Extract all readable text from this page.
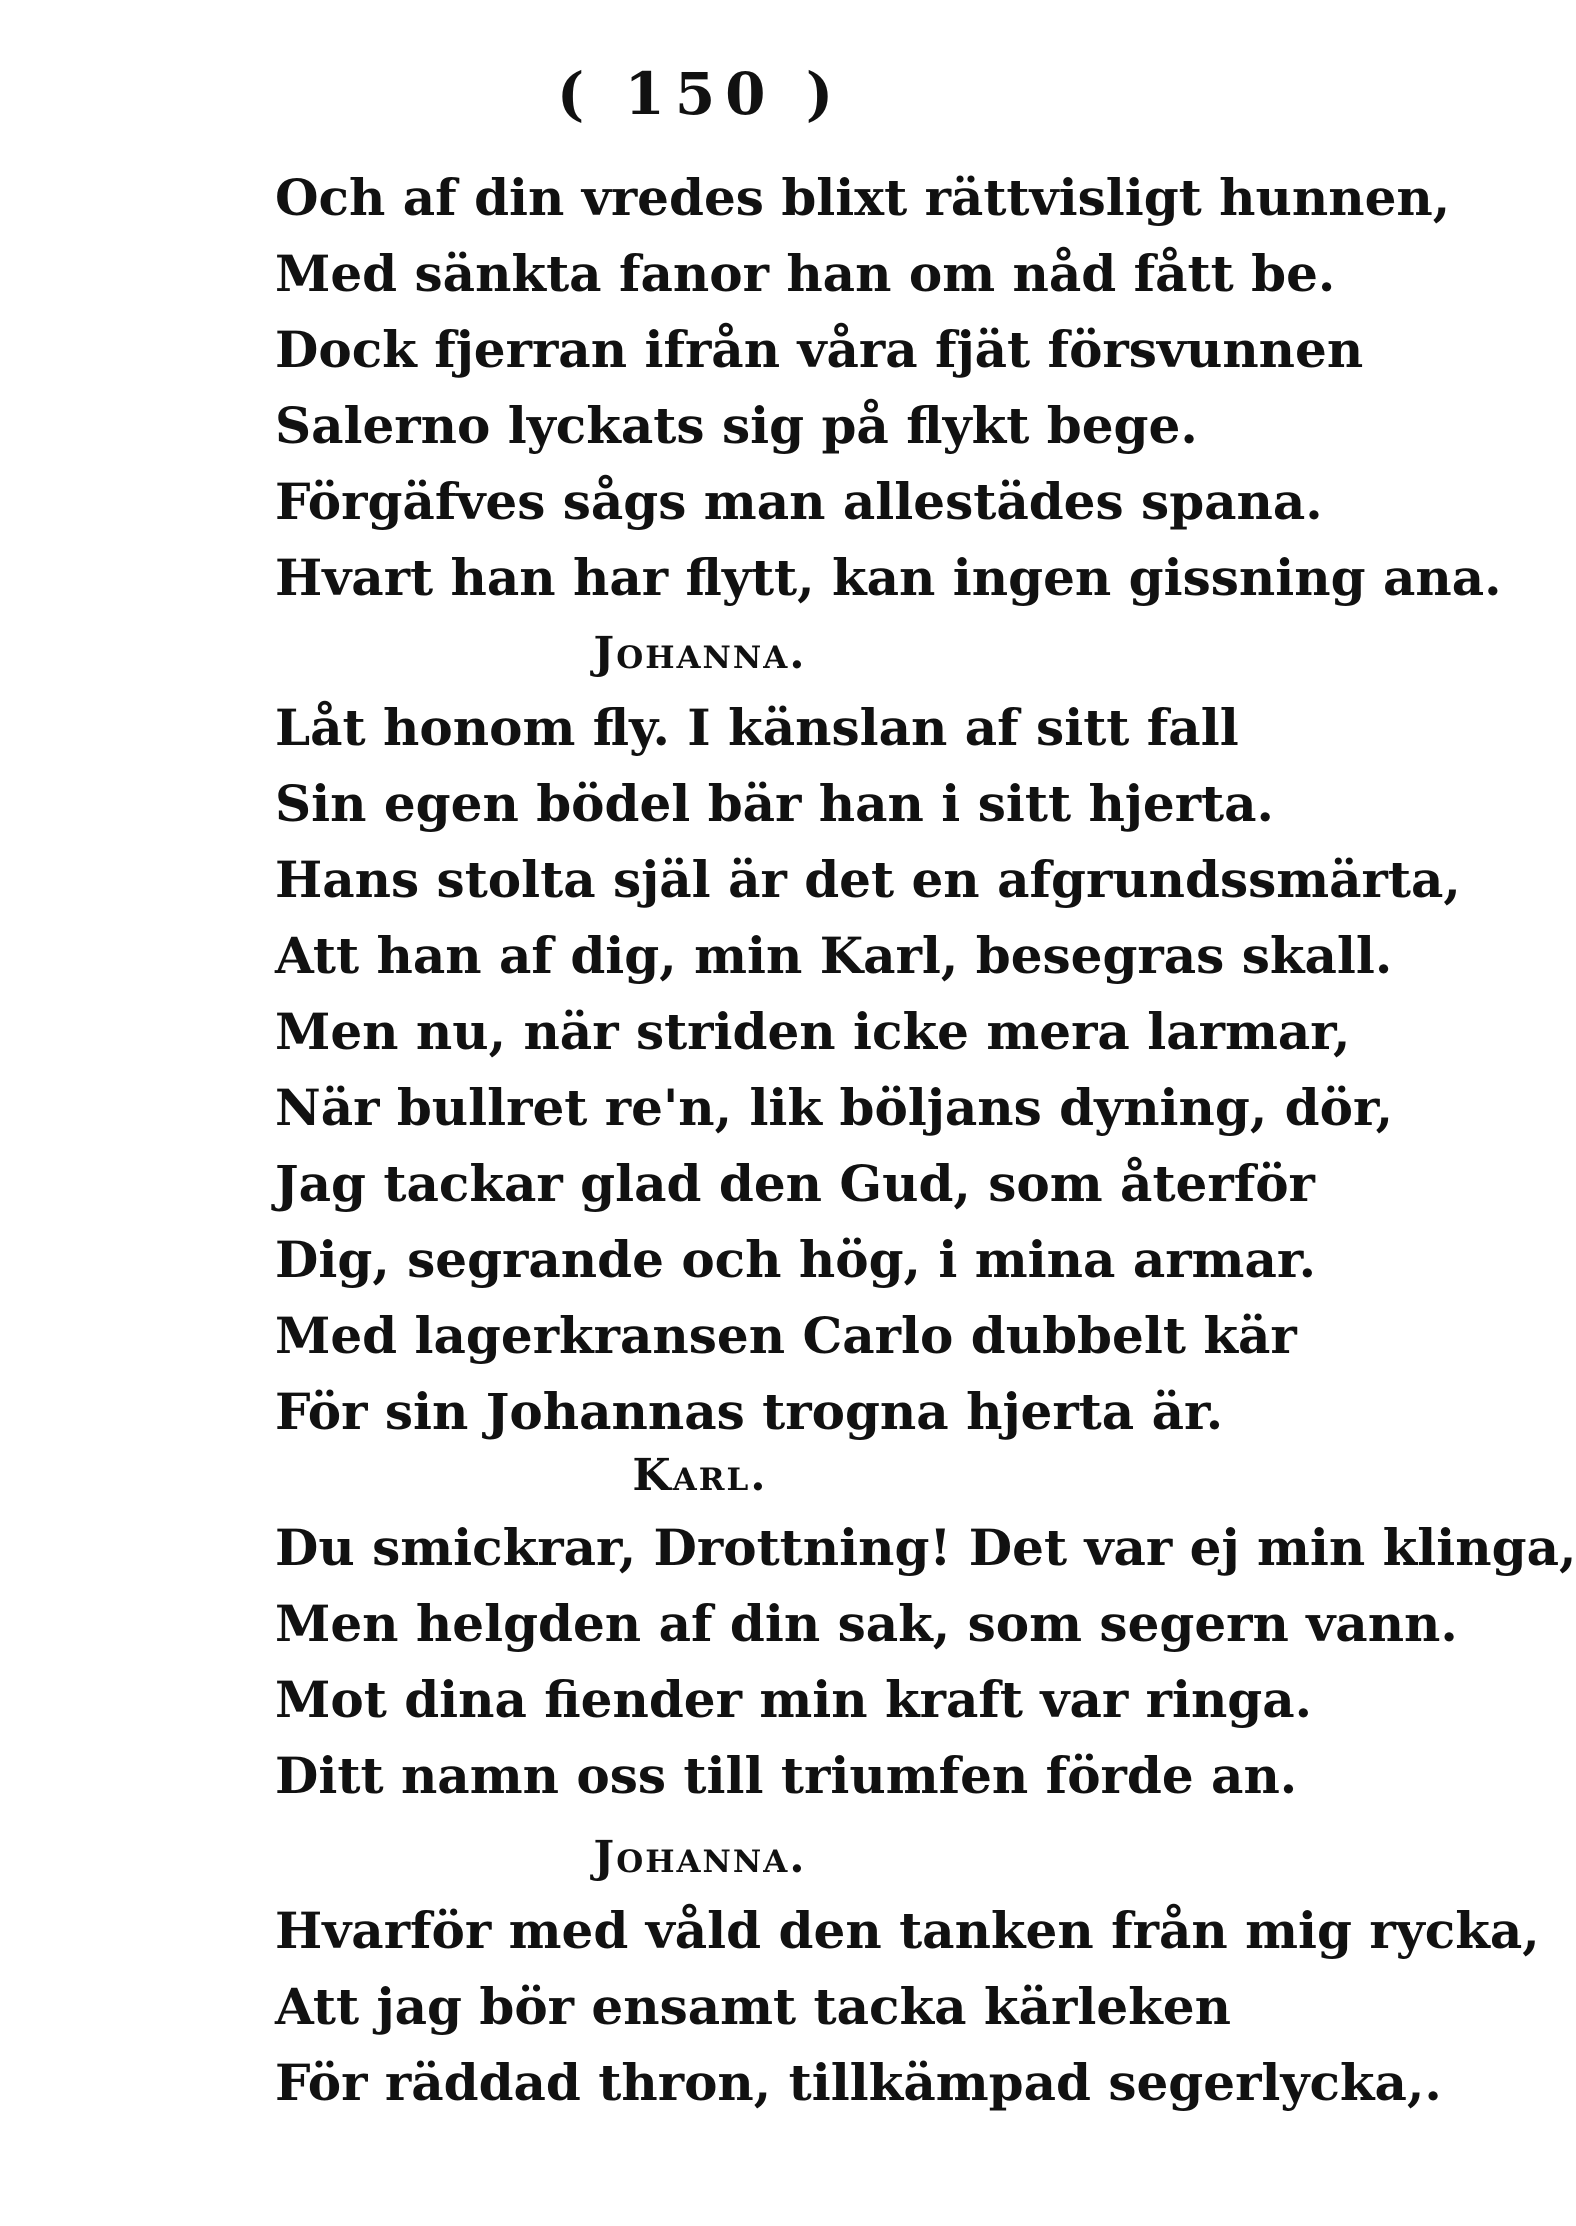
( 150 )
Och af din vredes blixt rättvisligt hunnen,
Med sänkta fanor han om nåd fått be.
Dock fjerran ifrån våra fjät försvunnen
Salerno lyckats sig på flykt bege.
Förgäfves sågs man allestädes spana.
Hvart han har flytt, kan ingen gissning ana.
Johanna.
Låt honom fly. I känslan af sitt fall
Sin egen bödel bär han i sitt hjerta.
Hans stolta själ är det en afgrundssmärta,
Att han af dig, min Karl, besegras skall.
Men nu, när striden icke mera larmar,
När bullret re'n, lik böljans dyning, dör,
Jag tackar glad den Gud, som återför
Dig, segrande och hög, i mina armar.
Med lagerkransen Carlo dubbelt kär
För sin Johannas trogna hjerta är.
Karl.
Du smickrar, Drottning! Det var ej min klinga,
Men helgden af din sak, som segern vann.
Mot dina fiender min kraft var ringa.
Ditt namn oss till triumfen förde an.
Johanna.
Hvarför med våld den tanken från mig rycka,
Att jag bör ensamt tacka kärleken
För räddad thron, tillkämpad segerlycka,.
